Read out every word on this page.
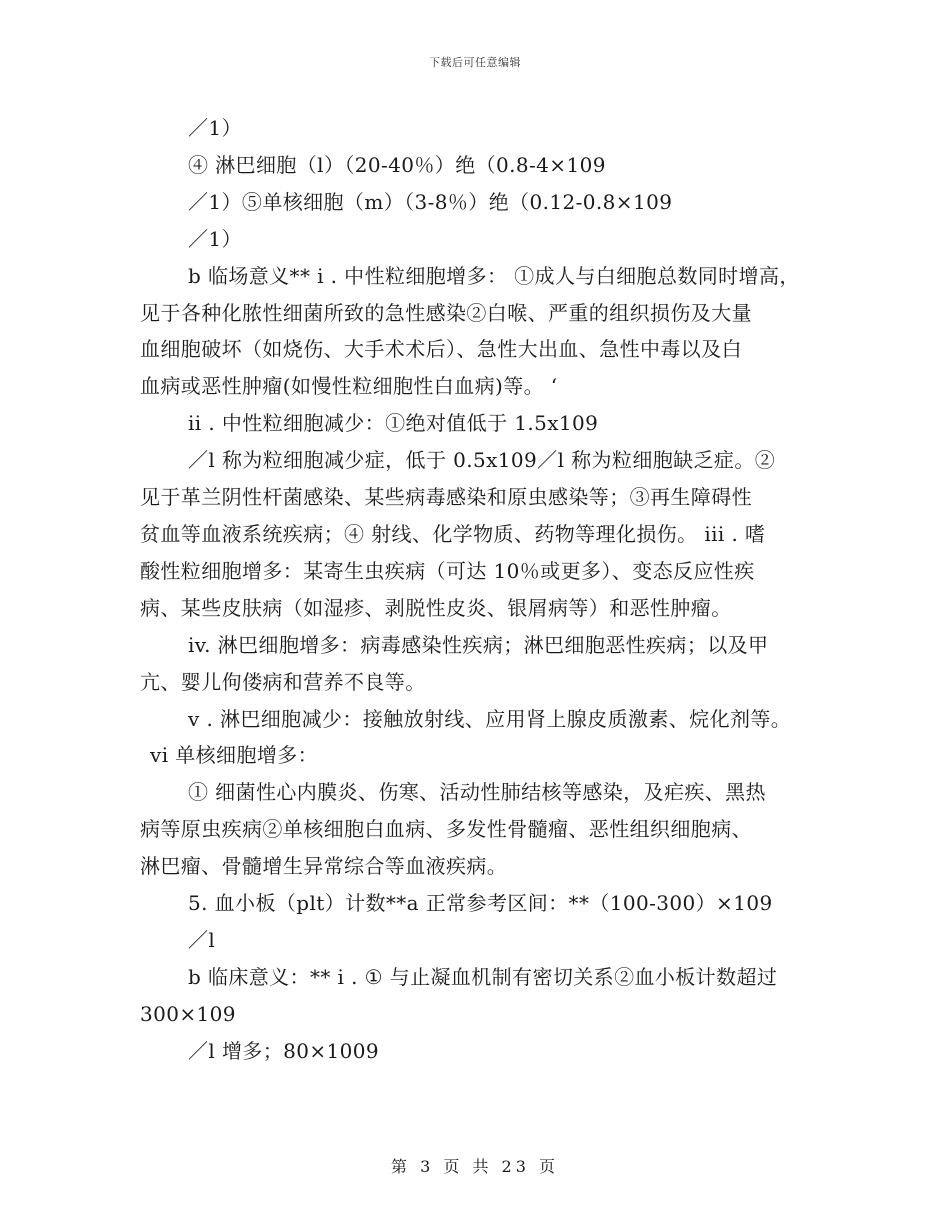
下载后可任意编辑
／1）
④ 淋巴细胞（l）（20-40％）绝（0.8-4×109
／1）⑤单核细胞（m）（3-8％）绝（0.12-0.8×109
／1）
b 临场意义** i . 中性粒细胞增多： ①成人与白细胞总数同时增高，
见于各种化脓性细菌所致的急性感染②白喉、严重的组织损伤及大量
血细胞破坏（如烧伤、大手术术后）、急性大出血、急性中毒以及白
血病或恶性肿瘤(如慢性粒细胞性白血病)等。 ‘
ii . 中性粒细胞减少：①绝对值低于 1.5x109
／l 称为粒细胞减少症，低于 0.5x109／l 称为粒细胞缺乏症。②
见于革兰阴性杆菌感染、某些病毒感染和原虫感染等；③再生障碍性
贫血等血液系统疾病；④ 射线、化学物质、药物等理化损伤。 iii . 嗜
酸性粒细胞增多：某寄生虫疾病（可达 10％或更多）、变态反应性疾
病、某些皮肤病（如湿疹、剥脱性皮炎、银屑病等）和恶性肿瘤。
iv. 淋巴细胞增多：病毒感染性疾病；淋巴细胞恶性疾病；以及甲
亢、婴儿佝偻病和营养不良等。
v . 淋巴细胞减少：接触放射线、应用肾上腺皮质激素、烷化剂等。
vi 单核细胞增多：
① 细菌性心内膜炎、伤寒、活动性肺结核等感染，及疟疾、黑热
病等原虫疾病②单核细胞白血病、多发性骨髓瘤、恶性组织细胞病、
淋巴瘤、骨髓增生异常综合等血液疾病。
5. 血小板（plt）计数**a 正常参考区间：**（100-300）×109
／l
b 临床意义：** i . ① 与止凝血机制有密切关系②血小板计数超过
300×109
／l 增多；80×1009
第 3 页 共 23 页
